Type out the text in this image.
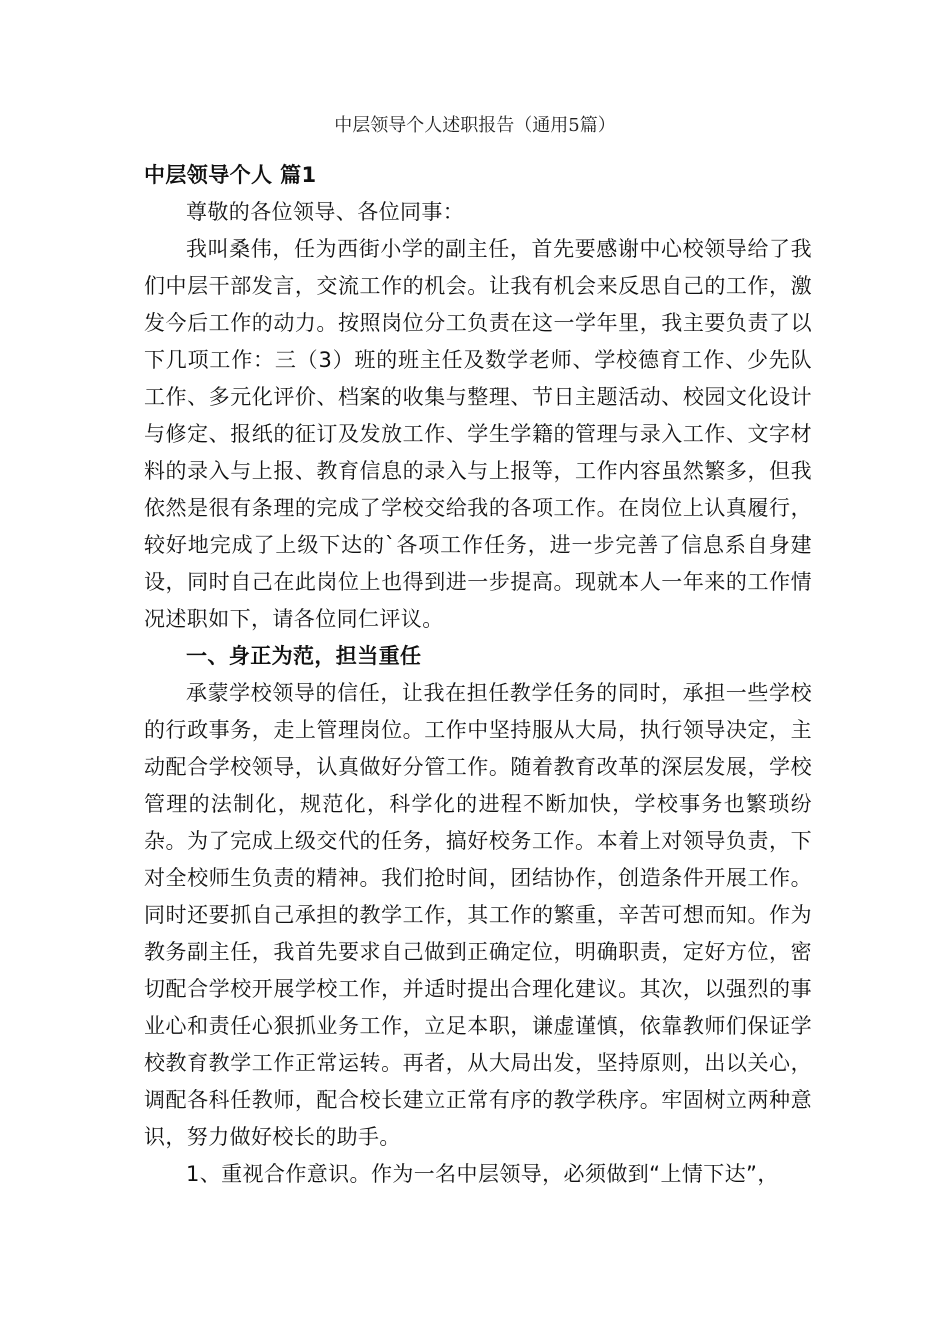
中层领导个人述职报告（通用5篇）
中层领导个人 篇1

尊敬的各位领导、各位同事：

我叫桑伟，任为西街小学的副主任，首先要感谢中心校领导给了我们中层干部发言，交流工作的机会。让我有机会来反思自己的工作，激发今后工作的动力。按照岗位分工负责在这一学年里，我主要负责了以下几项工作：三（3）班的班主任及数学老师、学校德育工作、少先队工作、多元化评价、档案的收集与整理、节日主题活动、校园文化设计与修定、报纸的征订及发放工作、学生学籍的管理与录入工作、文字材料的录入与上报、教育信息的录入与上报等，工作内容虽然繁多，但我依然是很有条理的完成了学校交给我的各项工作。在岗位上认真履行，较好地完成了上级下达的`各项工作任务，进一步完善了信息系自身建设，同时自己在此岗位上也得到进一步提高。现就本人一年来的工作情况述职如下，请各位同仁评议。

一、身正为范，担当重任

承蒙学校领导的信任，让我在担任教学任务的同时，承担一些学校的行政事务，走上管理岗位。工作中坚持服从大局，执行领导决定，主动配合学校领导，认真做好分管工作。随着教育改革的深层发展，学校管理的法制化，规范化，科学化的进程不断加快，学校事务也繁琐纷杂。为了完成上级交代的任务，搞好校务工作。本着上对领导负责，下对全校师生负责的精神。我们抢时间，团结协作，创造条件开展工作。同时还要抓自己承担的教学工作，其工作的繁重，辛苦可想而知。作为教务副主任，我首先要求自己做到正确定位，明确职责，定好方位，密切配合学校开展学校工作，并适时提出合理化建议。其次，以强烈的事业心和责任心狠抓业务工作，立足本职，谦虚谨慎，依靠教师们保证学校教育教学工作正常运转。再者，从大局出发，坚持原则，出以关心，调配各科任教师，配合校长建立正常有序的教学秩序。牢固树立两种意识，努力做好校长的助手。

1、重视合作意识。作为一名中层领导，必须做到“上情下达”，
